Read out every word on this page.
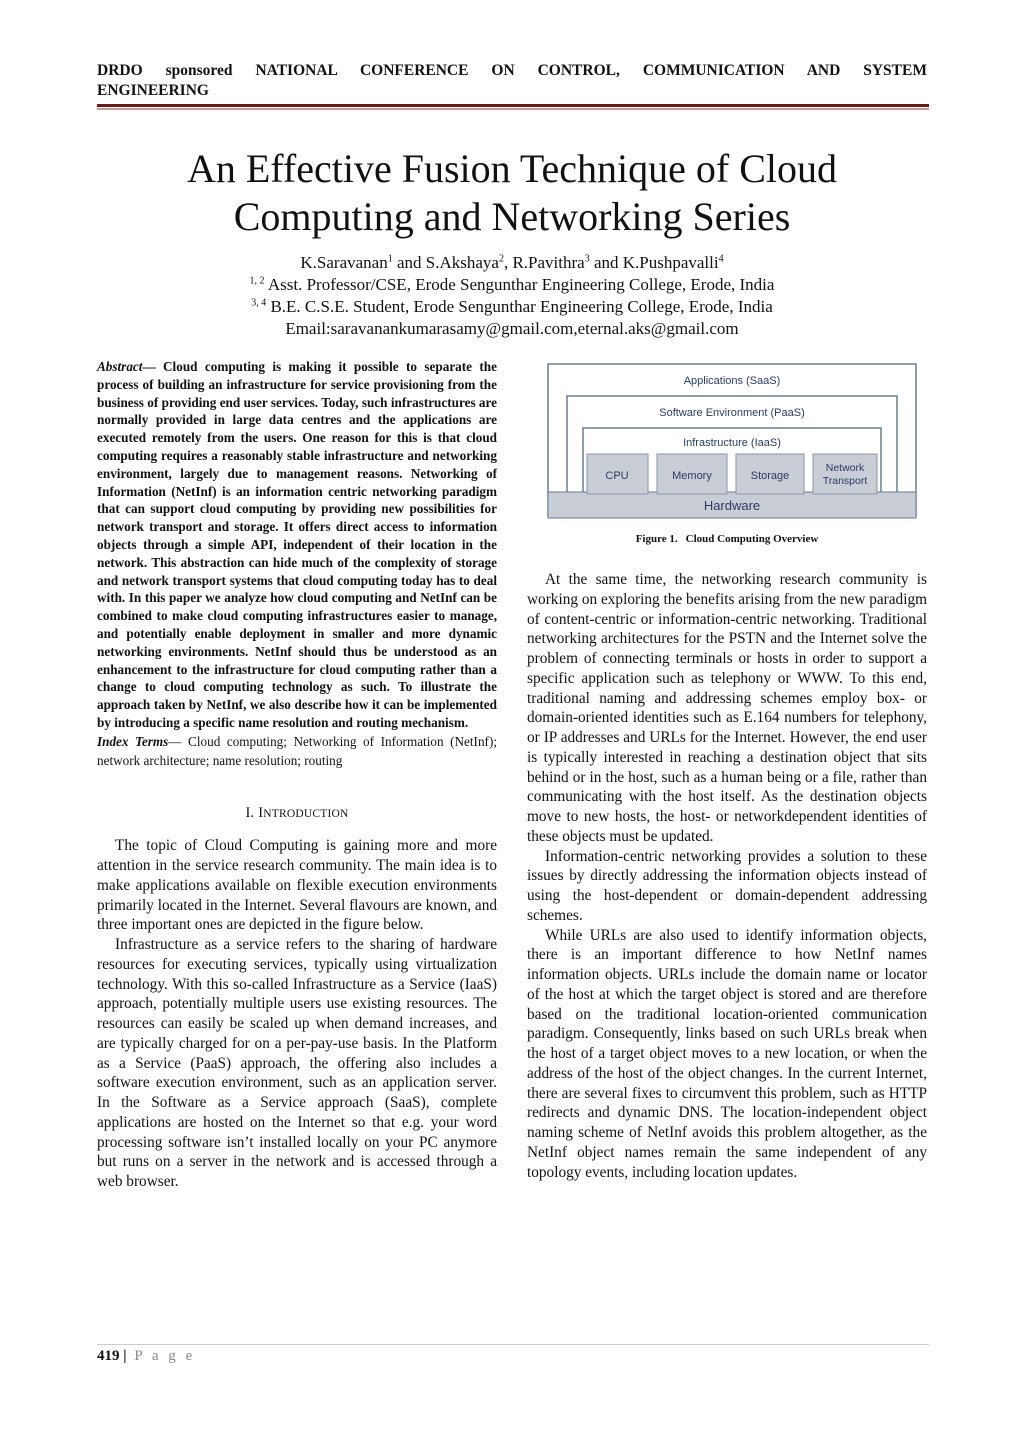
DRDO sponsored NATIONAL CONFERENCE ON CONTROL, COMMUNICATION AND SYSTEM
ENGINEERING
An Effective Fusion Technique of Cloud
Computing and Networking Series
K.Saravanan$^1$ and S.Akshaya$^2$, R.Pavithra$^3$ and K.Pushpavalli$^4$
$^{1, 2}$ Asst. Professor/CSE, Erode Sengunthar Engineering College, Erode, India
$^{3, 4}$ B.E. C.S.E. Student, Erode Sengunthar Engineering College, Erode, India
Email:saravanankumarasamy@gmail.com,eternal.aks@gmail.com

Abstract— Cloud computing is making it possible to separate the process of building an infrastructure for service provisioning from the business of providing end user services. Today, such infrastructures are normally provided in large data centres and the applications are executed remotely from the users. One reason for this is that cloud computing requires a reasonably stable infrastructure and networking environment, largely due to management reasons. Networking of Information (NetInf) is an information centric networking paradigm that can support cloud computing by providing new possibilities for network transport and storage. It offers direct access to information objects through a simple API, independent of their location in the network. This abstraction can hide much of the complexity of storage and network transport systems that cloud computing today has to deal with. In this paper we analyze how cloud computing and NetInf can be combined to make cloud computing infrastructures easier to manage, and potentially enable deployment in smaller and more dynamic networking environments. NetInf should thus be understood as an enhancement to the infrastructure for cloud computing rather than a change to cloud computing technology as such. To illustrate the approach taken by NetInf, we also describe how it can be implemented by introducing a specific name resolution and routing mechanism.

Index Terms— Cloud computing; Networking of Information (NetInf); network architecture; name resolution; routing

I. INTRODUCTION

The topic of Cloud Computing is gaining more and more attention in the service research community. The main idea is to make applications available on flexible execution environments primarily located in the Internet. Several flavours are known, and three important ones are depicted in the figure below.

Infrastructure as a service refers to the sharing of hardware resources for executing services, typically using virtualization technology. With this so-called Infrastructure as a Service (IaaS) approach, potentially multiple users use existing resources. The resources can easily be scaled up when demand increases, and are typically charged for on a per-pay-use basis. In the Platform as a Service (PaaS) approach, the offering also includes a software execution environment, such as an application server. In the Software as a Service approach (SaaS), complete applications are hosted on the Internet so that e.g. your word processing software isn’t installed locally on your PC anymore but runs on a server in the network and is accessed through a web browser.

Applications (SaaS)
Software Environment (PaaS)
Infrastructure (IaaS)
CPU	Memory	Storage
Network
Transport
Hardware
Figure 1. Cloud Computing Overview

At the same time, the networking research community is working on exploring the benefits arising from the new paradigm of content-centric or information-centric networking. Traditional networking architectures for the PSTN and the Internet solve the problem of connecting terminals or hosts in order to support a specific application such as telephony or WWW. To this end, traditional naming and addressing schemes employ box- or domain-oriented identities such as E.164 numbers for telephony, or IP addresses and URLs for the Internet. However, the end user is typically interested in reaching a destination object that sits behind or in the host, such as a human being or a file, rather than communicating with the host itself. As the destination objects move to new hosts, the host- or networkdependent identities of these objects must be updated.

Information-centric networking provides a solution to these issues by directly addressing the information objects instead of using the host-dependent or domain-dependent addressing schemes.

While URLs are also used to identify information objects, there is an important difference to how NetInf names information objects. URLs include the domain name or locator of the host at which the target object is stored and are therefore based on the traditional location-oriented communication paradigm. Consequently, links based on such URLs break when the host of a target object moves to a new location, or when the address of the host of the object changes. In the current Internet, there are several fixes to circumvent this problem, such as HTTP redirects and dynamic DNS. The location-independent object naming scheme of NetInf avoids this problem altogether, as the NetInf object names remain the same independent of any topology events, including location updates.

419 | P a g e
